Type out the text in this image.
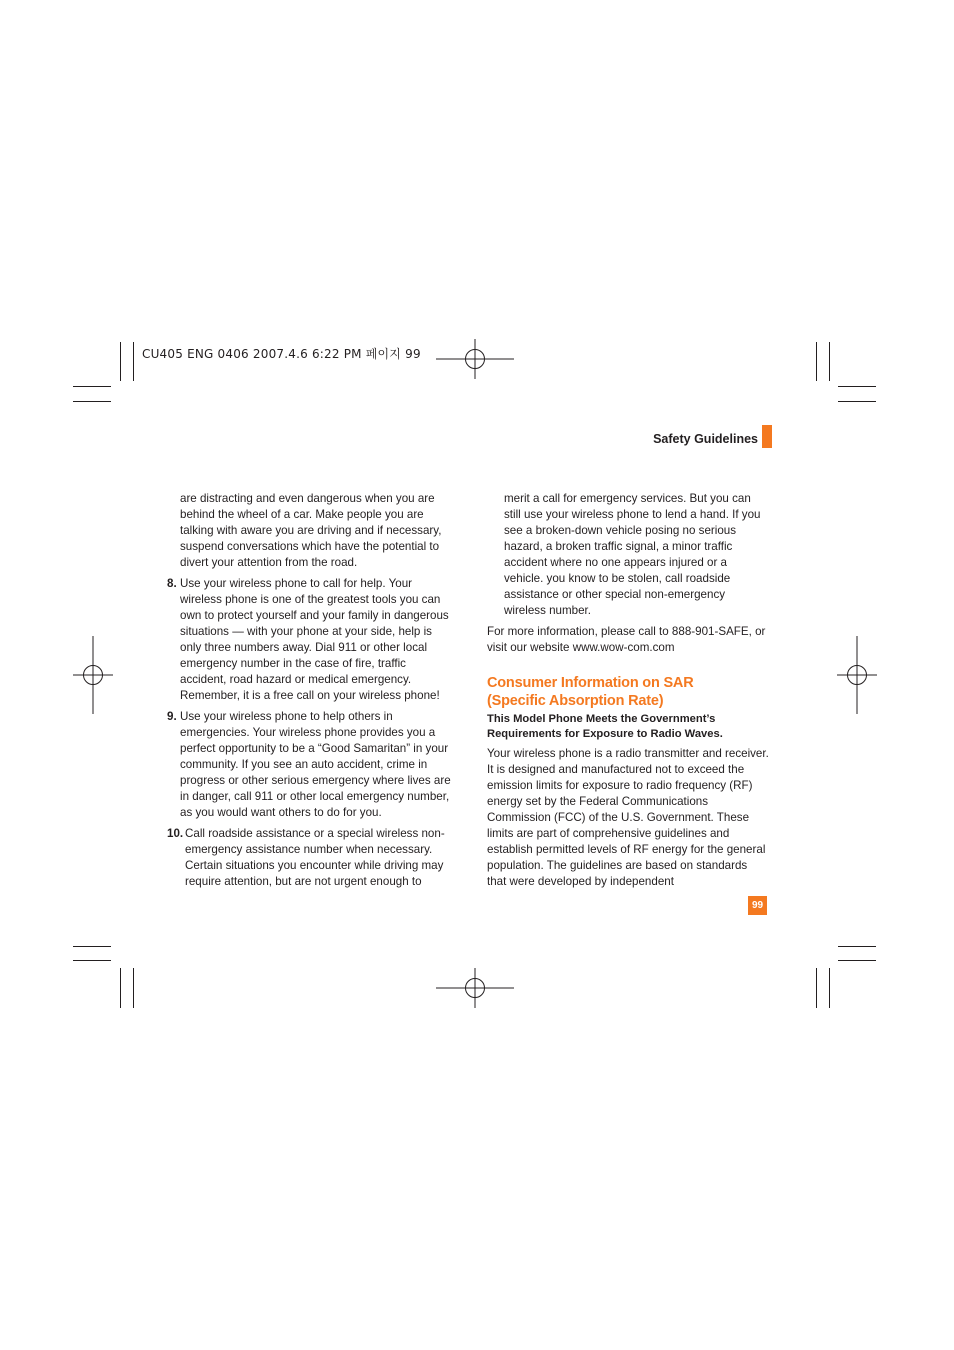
CU405 ENG 0406 2007.4.6 6:22 PM 페이지 99
Safety Guidelines

are distracting and even dangerous when you are behind the wheel of a car. Make people you are talking with aware you are driving and if necessary, suspend conversations which have the potential to divert your attention from the road.

8. Use your wireless phone to call for help. Your wireless phone is one of the greatest tools you can own to protect yourself and your family in dangerous situations — with your phone at your side, help is only three numbers away. Dial 911 or other local emergency number in the case of fire, traffic accident, road hazard or medical emergency. Remember, it is a free call on your wireless phone!
9. Use your wireless phone to help others in emergencies. Your wireless phone provides you a perfect opportunity to be a “Good Samaritan” in your community. If you see an auto accident, crime in progress or other serious emergency where lives are in danger, call 911 or other local emergency number, as you would want others to do for you.
10. Call roadside assistance or a special wireless non-emergency assistance number when necessary. Certain situations you encounter while driving may require attention, but are not urgent enough to

merit a call for emergency services. But you can still use your wireless phone to lend a hand. If you see a broken-down vehicle posing no serious hazard, a broken traffic signal, a minor traffic accident where no one appears injured or a vehicle. you know to be stolen, call roadside assistance or other special non-emergency wireless number.

For more information, please call to 888-901-SAFE, or visit our website www.wow-com.com

Consumer Information on SAR
(Specific Absorption Rate)
This Model Phone Meets the Government’s
Requirements for Exposure to Radio Waves.

Your wireless phone is a radio transmitter and receiver. It is designed and manufactured not to exceed the emission limits for exposure to radio frequency (RF) energy set by the Federal Communications Commission (FCC) of the U.S. Government. These limits are part of comprehensive guidelines and establish permitted levels of RF energy for the general population. The guidelines are based on standards that were developed by independent

99
